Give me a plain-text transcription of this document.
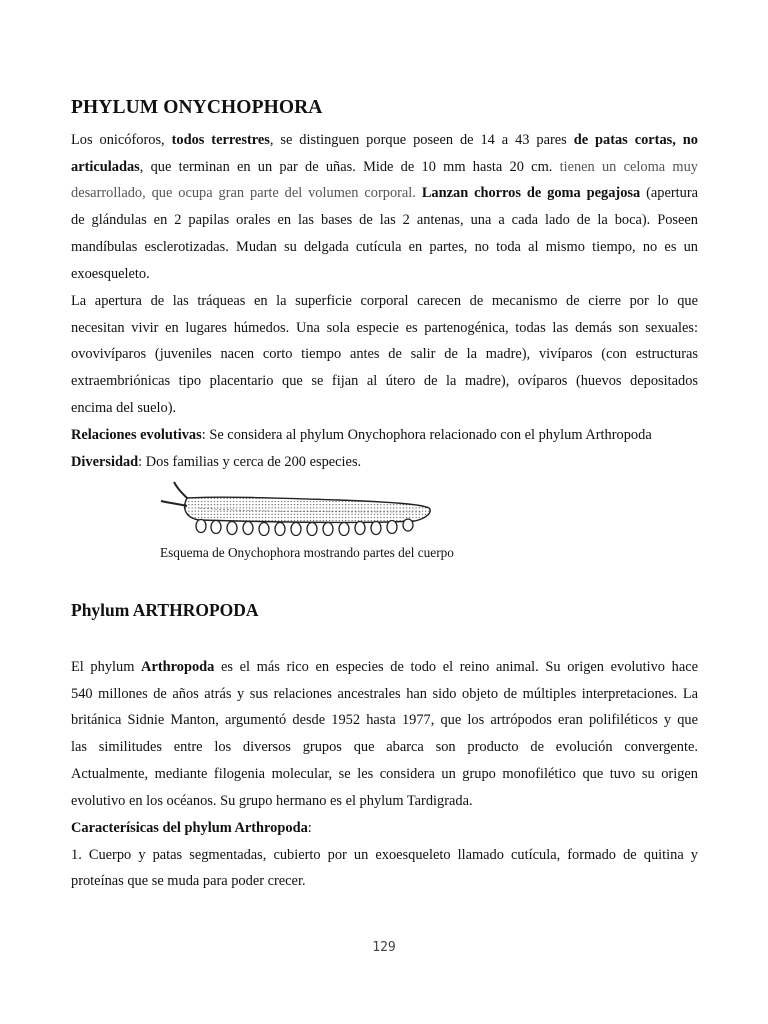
PHYLUM ONYCHOPHORA
Los onicóforos, todos terrestres, se distinguen porque poseen de 14 a 43 pares de patas cortas, no
articuladas, que terminan en un par de uñas. Mide de 10 mm hasta 20 cm. tienen un celoma muy
desarrollado, que ocupa gran parte del volumen corporal. Lanzan chorros de goma pegajosa (apertura
de glándulas en 2 papilas orales en las bases de las 2 antenas, una a cada lado de la boca). Poseen
mandíbulas esclerotizadas. Mudan su delgada cutícula en partes, no toda al mismo tiempo, no es un
exoesqueleto.
La apertura de las tráqueas en la superficie corporal carecen de mecanismo de cierre por lo que
necesitan vivir en lugares húmedos. Una sola especie es partenogénica, todas las demás son sexuales:
ovovivíparos (juveniles nacen corto tiempo antes de salir de la madre), vivíparos (con estructuras
extraembriónicas tipo placentario que se fijan al útero de la madre), ovíparos (huevos depositados
encima del suelo).
Relaciones evolutivas: Se considera al phylum Onychophora relacionado con el phylum Arthropoda
Diversidad: Dos familias y cerca de 200 especies.
Esquema de Onychophora mostrando partes del cuerpo
Phylum ARTHROPODA
El phylum Arthropoda es el más rico en especies de todo el reino animal. Su origen evolutivo hace
540 millones de años atrás y sus relaciones ancestrales han sido objeto de múltiples interpretaciones. La
británica Sidnie Manton, argumentó desde 1952 hasta 1977, que los artrópodos eran polifiléticos y que
las similitudes entre los diversos grupos que abarca son producto de evolución convergente.
Actualmente, mediante filogenia molecular, se les considera un grupo monofilético que tuvo su origen
evolutivo en los océanos. Su grupo hermano es el phylum Tardigrada.
Caracterísicas del phylum Arthropoda:
1. Cuerpo y patas segmentadas, cubierto por un exoesqueleto llamado cutícula, formado de quitina y
proteínas que se muda para poder crecer.
129
